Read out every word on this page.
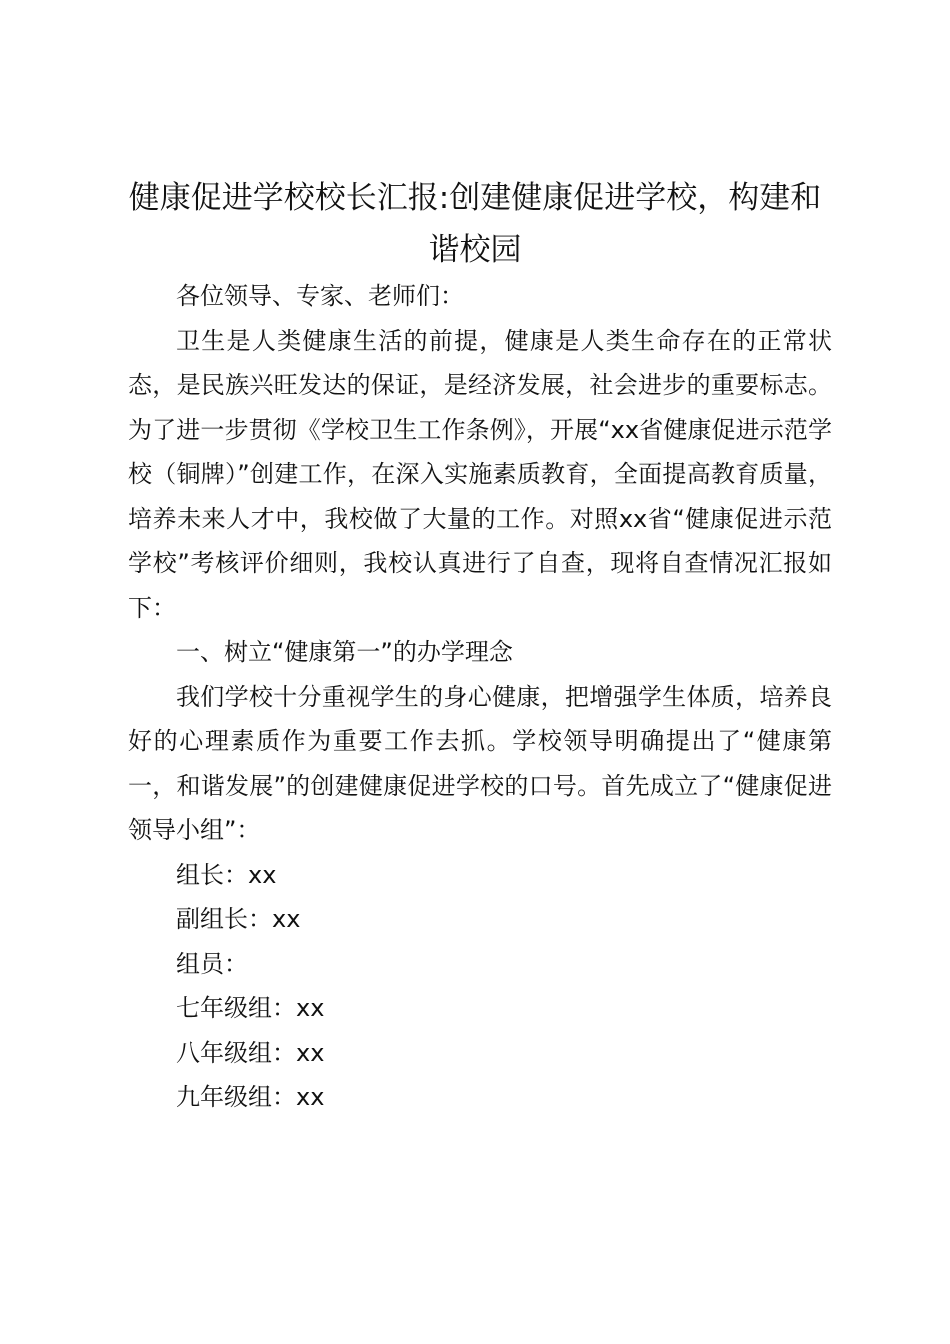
健康促进学校校长汇报:创建健康促进学校，构建和谐校园

各位领导、专家、老师们：

卫生是人类健康生活的前提，健康是人类生命存在的正常状态，是民族兴旺发达的保证，是经济发展，社会进步的重要标志。为了进一步贯彻《学校卫生工作条例》，开展“xx省健康促进示范学校（铜牌）”创建工作，在深入实施素质教育，全面提高教育质量，培养未来人才中，我校做了大量的工作。对照xx省“健康促进示范学校”考核评价细则，我校认真进行了自查，现将自查情况汇报如下：

一、树立“健康第一”的办学理念

我们学校十分重视学生的身心健康，把增强学生体质，培养良好的心理素质作为重要工作去抓。学校领导明确提出了“健康第一，和谐发展”的创建健康促进学校的口号。首先成立了“健康促进领导小组”：

组长：xx

副组长：xx

组员：

七年级组：xx

八年级组：xx

九年级组：xx
